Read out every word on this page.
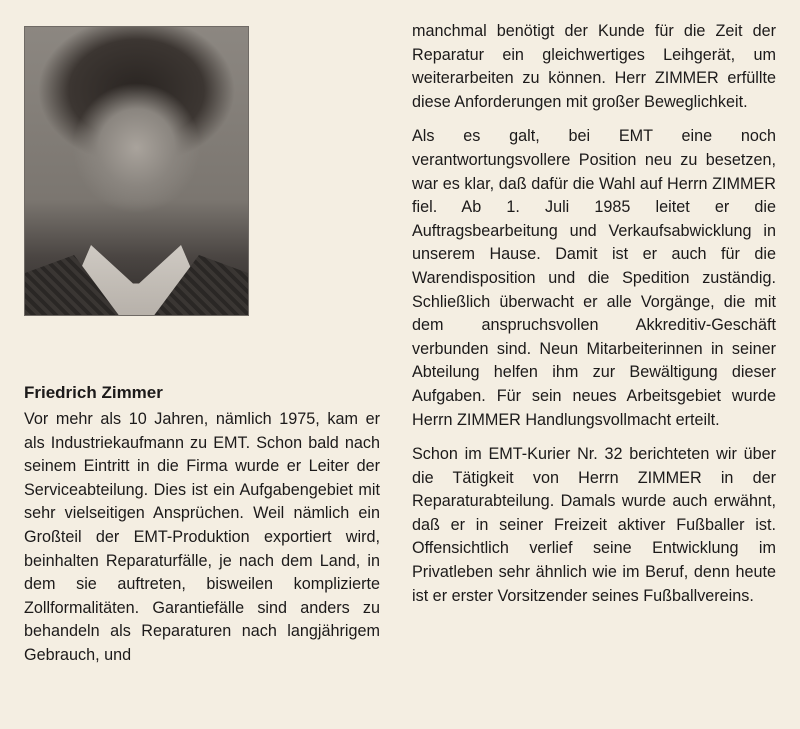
Friedrich Zimmer

Vor mehr als 10 Jahren, nämlich 1975, kam er als Industriekaufmann zu EMT. Schon bald nach seinem Eintritt in die Firma wurde er Leiter der Serviceabteilung. Dies ist ein Aufgabengebiet mit sehr vielseitigen Ansprüchen. Weil nämlich ein Großteil der EMT-Produktion exportiert wird, beinhalten Reparaturfälle, je nach dem Land, in dem sie auftreten, bisweilen komplizierte Zollformalitäten. Garantiefälle sind anders zu behandeln als Reparaturen nach langjährigem Gebrauch, und

manchmal benötigt der Kunde für die Zeit der Reparatur ein gleichwertiges Leihgerät, um weiterarbeiten zu können. Herr ZIMMER erfüllte diese Anforderungen mit großer Beweglichkeit.

Als es galt, bei EMT eine noch verantwortungsvollere Position neu zu besetzen, war es klar, daß dafür die Wahl auf Herrn ZIMMER fiel. Ab 1. Juli 1985 leitet er die Auftragsbearbeitung und Verkaufsabwicklung in unserem Hause. Damit ist er auch für die Warendisposition und die Spedition zuständig. Schließlich überwacht er alle Vorgänge, die mit dem anspruchsvollen Akkreditiv-Geschäft verbunden sind. Neun Mitarbeiterinnen in seiner Abteilung helfen ihm zur Bewältigung dieser Aufgaben. Für sein neues Arbeitsgebiet wurde Herrn ZIMMER Handlungsvollmacht erteilt.

Schon im EMT-Kurier Nr. 32 berichteten wir über die Tätigkeit von Herrn ZIMMER in der Reparaturabteilung. Damals wurde auch erwähnt, daß er in seiner Freizeit aktiver Fußballer ist. Offensichtlich verlief seine Entwicklung im Privatleben sehr ähnlich wie im Beruf, denn heute ist er erster Vorsitzender seines Fußballvereins.
